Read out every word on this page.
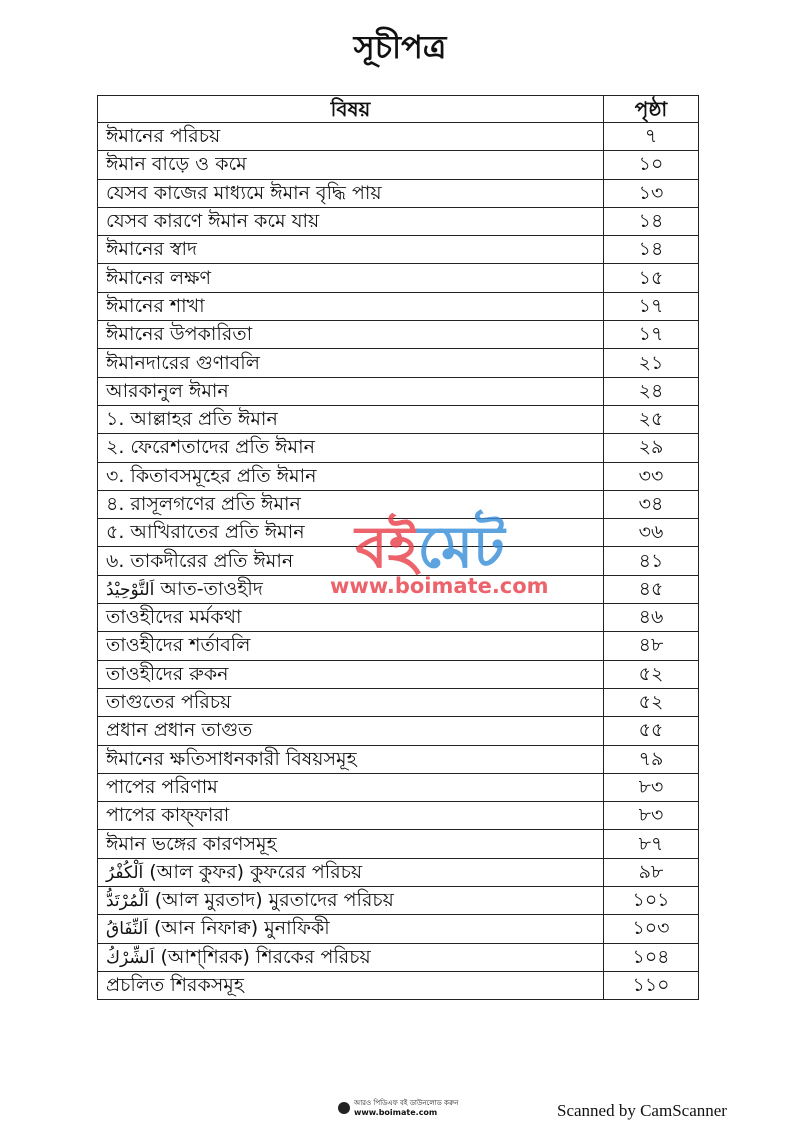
সূচীপত্র
বিষয়	পৃষ্ঠা
ঈমানের পরিচয়	৭
ঈমান বাড়ে ও কমে	১০
যেসব কাজের মাধ্যমে ঈমান বৃদ্ধি পায়	১৩
যেসব কারণে ঈমান কমে যায়	১৪
ঈমানের স্বাদ	১৪
ঈমানের লক্ষণ	১৫
ঈমানের শাখা	১৭
ঈমানের উপকারিতা	১৭
ঈমানদারের গুণাবলি	২১
আরকানুল ঈমান	২৪
১. আল্লাহর প্রতি ঈমান	২৫
২. ফেরেশতাদের প্রতি ঈমান	২৯
৩. কিতাবসমূহের প্রতি ঈমান	৩৩
৪. রাসূলগণের প্রতি ঈমান	৩৪
৫. আখিরাতের প্রতি ঈমান	৩৬
৬. তাকদীরের প্রতি ঈমান	৪১
اَلتَّوْحِيْدُ আত-তাওহীদ	৪৫
তাওহীদের মর্মকথা	৪৬
তাওহীদের শর্তাবলি	৪৮
তাওহীদের রুকন	৫২
তাগুতের পরিচয়	৫২
প্রধান প্রধান তাগুত	৫৫
ঈমানের ক্ষতিসাধনকারী বিষয়সমূহ	৭৯
পাপের পরিণাম	৮৩
পাপের কাফ্‌ফারা	৮৩
ঈমান ভঙ্গের কারণসমূহ	৮৭
اَلْكُفْرُ (আল কুফর) কুফরের পরিচয়	৯৮
اَلْمُرْتَدُّ (আল মুরতাদ) মুরতাদের পরিচয়	১০১
اَلنِّفَاقُ (আন নিফাক্ব) মুনাফিকী	১০৩
اَلشِّرْكُ (আশ্‌শিরক) শিরকের পরিচয়	১০৪
প্রচলিত শিরকসমূহ	১১০
বইমেট
www.boimate.com
আরও পিডিএফ বই ডাউনলোড করুন
www.boimate.com	Scanned by CamScanner
